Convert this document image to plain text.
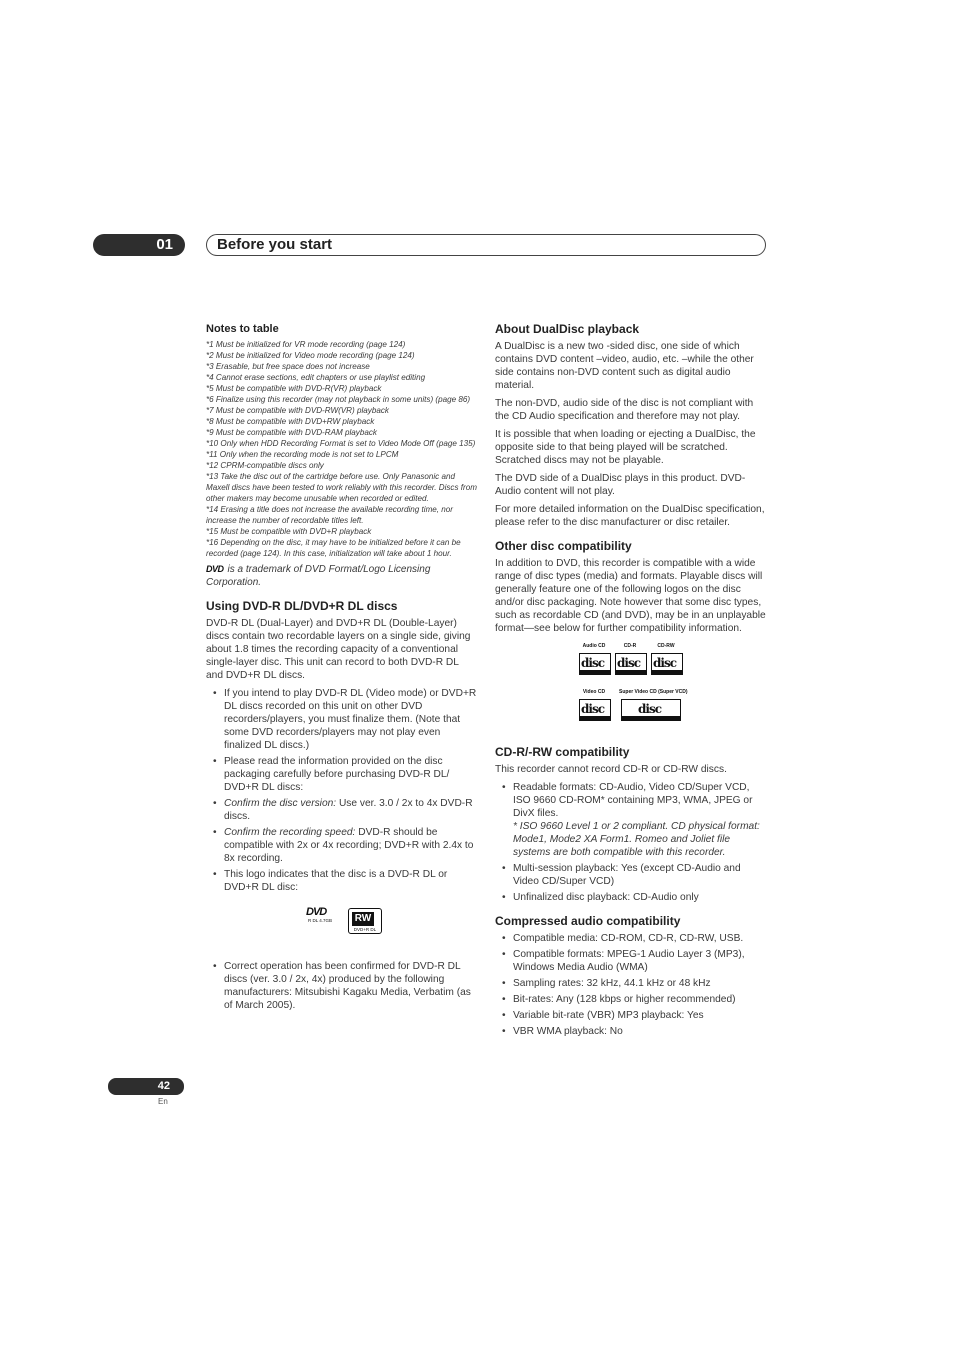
01	Before you start
Notes to table
*1 Must be initialized for VR mode recording (page 124)
*2 Must be initialized for Video mode recording (page 124)
*3 Erasable, but free space does not increase
*4 Cannot erase sections, edit chapters or use playlist editing
*5 Must be compatible with DVD-R(VR) playback
*6 Finalize using this recorder (may not playback in some units) (page 86)
*7 Must be compatible with DVD-RW(VR) playback
*8 Must be compatible with DVD+RW playback
*9 Must be compatible with DVD-RAM playback
*10 Only when HDD Recording Format is set to Video Mode Off (page 135)
*11 Only when the recording mode is not set to LPCM
*12 CPRM-compatible discs only
*13 Take the disc out of the cartridge before use. Only Panasonic and Maxell discs have been tested to work reliably with this recorder. Discs from other makers may become unusable when recorded or edited.
*14 Erasing a title does not increase the available recording time, nor increase the number of recordable titles left.
*15 Must be compatible with DVD+R playback
*16 Depending on the disc, it may have to be initialized before it can be recorded (page 124). In this case, initialization will take about 1 hour.
DVD is a trademark of DVD Format/Logo Licensing Corporation.
Using DVD-R DL/DVD+R DL discs

DVD-R DL (Dual-Layer) and DVD+R DL (Double-Layer) discs contain two recordable layers on a single side, giving about 1.8 times the recording capacity of a conventional single-layer disc. This unit can record to both DVD-R DL and DVD+R DL discs.

• If you intend to play DVD-R DL (Video mode) or DVD+R DL discs recorded on this unit on other DVD recorders/players, you must finalize them. (Note that some DVD recorders/players may not play even finalized DL discs.)
• Please read the information provided on the disc packaging carefully before purchasing DVD-R DL/ DVD+R DL discs:
• Confirm the disc version: Use ver. 3.0 / 2x to 4x DVD-R discs.
• Confirm the recording speed: DVD-R should be compatible with 2x or 4x recording; DVD+R with 2.4x to 8x recording.
• This logo indicates that the disc is a DVD-R DL or DVD+R DL disc:
DVD
R DL 4.7GB RW
DVD+R DL
• Correct operation has been confirmed for DVD-R DL discs (ver. 3.0 / 2x, 4x) produced by the following manufacturers: Mitsubishi Kagaku Media, Verbatim (as of March 2005).
About DualDisc playback

A DualDisc is a new two -sided disc, one side of which contains DVD content –video, audio, etc. –while the other side contains non-DVD content such as digital audio material.

The non-DVD, audio side of the disc is not compliant with the CD Audio specification and therefore may not play.

It is possible that when loading or ejecting a DualDisc, the opposite side to that being played will be scratched. Scratched discs may not be playable.

The DVD side of a DualDisc plays in this product. DVD-Audio content will not play.

For more detailed information on the DualDisc specification, please refer to the disc manufacturer or disc retailer.

Other disc compatibility

In addition to DVD, this recorder is compatible with a wide range of disc types (media) and formats. Playable discs will generally feature one of the following logos on the disc and/or disc packaging. Note however that some disc types, such as recordable CD (and DVD), may be in an unplayable format—see below for further compatibility information.

Audio CD
disc
CD-R
disc
CD-RW
disc
Video CD
disc
Super Video CD (Super VCD)
disc
CD-R/-RW compatibility

This recorder cannot record CD-R or CD-RW discs.

• Readable formats: CD-Audio, Video CD/Super VCD, ISO 9660 CD-ROM* containing MP3, WMA, JPEG or DivX files.
* ISO 9660 Level 1 or 2 compliant. CD physical format: Mode1, Mode2 XA Form1. Romeo and Joliet file systems are both compatible with this recorder.
• Multi-session playback: Yes (except CD-Audio and Video CD/Super VCD)
• Unfinalized disc playback: CD-Audio only
Compressed audio compatibility
• Compatible media: CD-ROM, CD-R, CD-RW, USB.
• Compatible formats: MPEG-1 Audio Layer 3 (MP3), Windows Media Audio (WMA)
• Sampling rates: 32 kHz, 44.1 kHz or 48 kHz
• Bit-rates: Any (128 kbps or higher recommended)
• Variable bit-rate (VBR) MP3 playback: Yes
• VBR WMA playback: No
42
En
